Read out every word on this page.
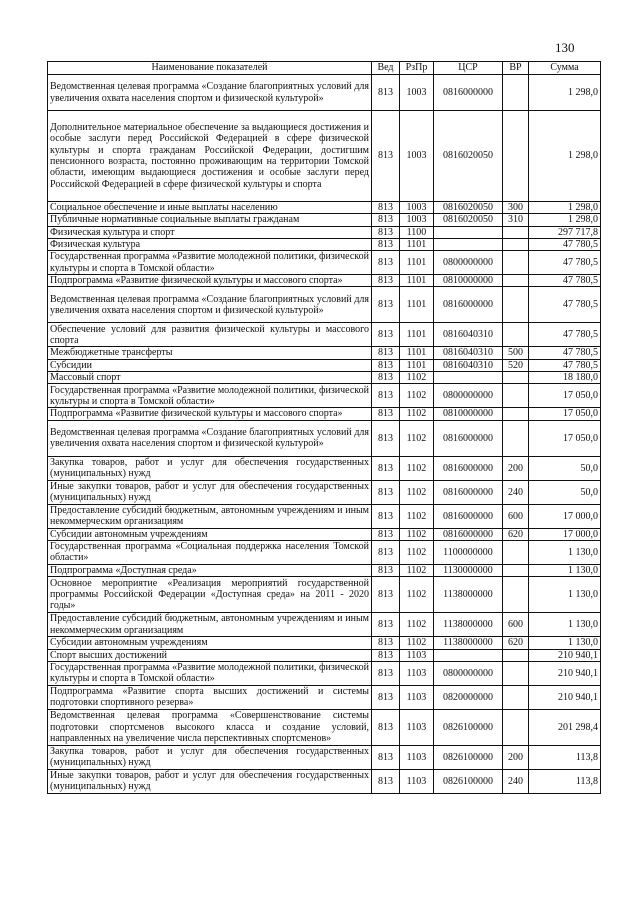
130
Наименование показателей	Вед	РзПр	ЦСР	ВР	Сумма
Ведомственная целевая программа «Создание благоприятных условий для увеличения охвата населения спортом и физической культурой»	813	1003	0816000000		1 298,0
Дополнительное материальное обеспечение за выдающиеся достижения и особые заслуги перед Российской Федерацией в сфере физической культуры и спорта гражданам Российской Федерации, достигшим пенсионного возраста, постоянно проживающим на территории Томской области, имеющим выдающиеся достижения и особые заслуги перед Российской Федерацией в сфере физической культуры и спорта	813	1003	0816020050		1 298,0
Социальное обеспечение и иные выплаты населению	813	1003	0816020050	300	1 298,0
Публичные нормативные социальные выплаты гражданам	813	1003	0816020050	310	1 298,0
Физическая культура и спорт	813	1100			297 717,8
Физическая культура	813	1101			47 780,5
Государственная программа «Развитие молодежной политики, физической культуры и спорта в Томской области»	813	1101	0800000000		47 780,5
Подпрограмма «Развитие физической культуры и массового спорта»	813	1101	0810000000		47 780,5
Ведомственная целевая программа «Создание благоприятных условий для увеличения охвата населения спортом и физической культурой»	813	1101	0816000000		47 780,5
Обеспечение условий для развития физической культуры и массового спорта	813	1101	0816040310		47 780,5
Межбюджетные трансферты	813	1101	0816040310	500	47 780,5
Субсидии	813	1101	0816040310	520	47 780,5
Массовый спорт	813	1102			18 180,0
Государственная программа «Развитие молодежной политики, физической культуры и спорта в Томской области»	813	1102	0800000000		17 050,0
Подпрограмма «Развитие физической культуры и массового спорта»	813	1102	0810000000		17 050,0
Ведомственная целевая программа «Создание благоприятных условий для увеличения охвата населения спортом и физической культурой»	813	1102	0816000000		17 050,0
Закупка товаров, работ и услуг для обеспечения государственных (муниципальных) нужд	813	1102	0816000000	200	50,0
Иные закупки товаров, работ и услуг для обеспечения государственных (муниципальных) нужд	813	1102	0816000000	240	50,0
Предоставление субсидий бюджетным, автономным учреждениям и иным некоммерческим организациям	813	1102	0816000000	600	17 000,0
Субсидии автономным учреждениям	813	1102	0816000000	620	17 000,0
Государственная программа «Социальная поддержка населения Томской области»	813	1102	1100000000		1 130,0
Подпрограмма «Доступная среда»	813	1102	1130000000		1 130,0
Основное мероприятие «Реализация мероприятий государственной программы Российской Федерации «Доступная среда» на 2011 - 2020 годы»	813	1102	1138000000		1 130,0
Предоставление субсидий бюджетным, автономным учреждениям и иным некоммерческим организациям	813	1102	1138000000	600	1 130,0
Субсидии автономным учреждениям	813	1102	1138000000	620	1 130,0
Спорт высших достижений	813	1103			210 940,1
Государственная программа «Развитие молодежной политики, физической культуры и спорта в Томской области»	813	1103	0800000000		210 940,1
Подпрограмма «Развитие спорта высших достижений и системы подготовки спортивного резерва»	813	1103	0820000000		210 940,1
Ведомственная целевая программа «Совершенствование системы подготовки спортсменов высокого класса и создание условий, направленных на увеличение числа перспективных спортсменов»	813	1103	0826100000		201 298,4
Закупка товаров, работ и услуг для обеспечения государственных (муниципальных) нужд	813	1103	0826100000	200	113,8
Иные закупки товаров, работ и услуг для обеспечения государственных (муниципальных) нужд	813	1103	0826100000	240	113,8
